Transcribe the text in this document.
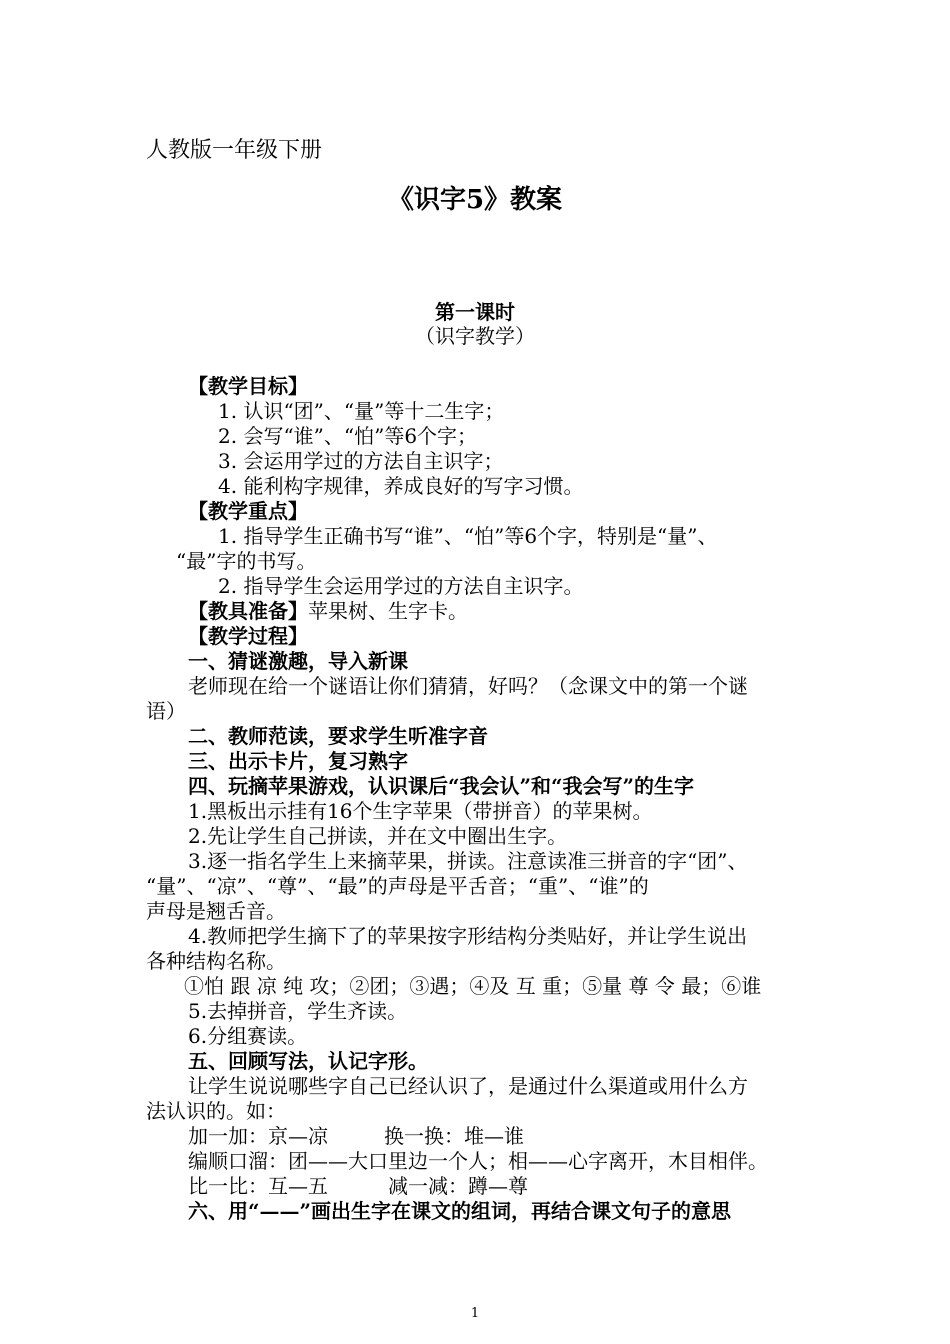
人教版一年级下册
《识字5》教案
第一课时
（识字教学）
【教学目标】
1. 认识“团”、“量”等十二生字；
2. 会写“谁”、“怕”等6个字；
3. 会运用学过的方法自主识字；
4. 能利构字规律，养成良好的写字习惯。
【教学重点】
1. 指导学生正确书写“谁”、“怕”等6个字，特别是“量”、
“最”字的书写。
2. 指导学生会运用学过的方法自主识字。
【教具准备】苹果树、生字卡。
【教学过程】
一、猜谜激趣，导入新课
老师现在给一个谜语让你们猜猜，好吗？（念课文中的第一个谜
语）
二、教师范读，要求学生听准字音
三、出示卡片，复习熟字
四、玩摘苹果游戏，认识课后“我会认”和“我会写”的生字
1.黑板出示挂有16个生字苹果（带拼音）的苹果树。
2.先让学生自己拼读，并在文中圈出生字。
3.逐一指名学生上来摘苹果，拼读。注意读准三拼音的字“团”、
“量”、“凉”、“尊”、“最”的声母是平舌音；“重”、“谁”的
声母是翘舌音。
4.教师把学生摘下了的苹果按字形结构分类贴好，并让学生说出
各种结构名称。
①怕 跟 凉 纯 攻；②团；③遇；④及 互 重；⑤量 尊 令 最；⑥谁
5.去掉拼音，学生齐读。
6.分组赛读。
五、回顾写法，认记字形。
让学生说说哪些字自己已经认识了，是通过什么渠道或用什么方
法认识的。如：
加一加：京—凉	换一换：堆—谁
编顺口溜：团——大口里边一个人；相——心字离开，木目相伴。
比一比：互—五	减一减：蹲—尊
六、用“——”画出生字在课文的组词，再结合课文句子的意思
1
